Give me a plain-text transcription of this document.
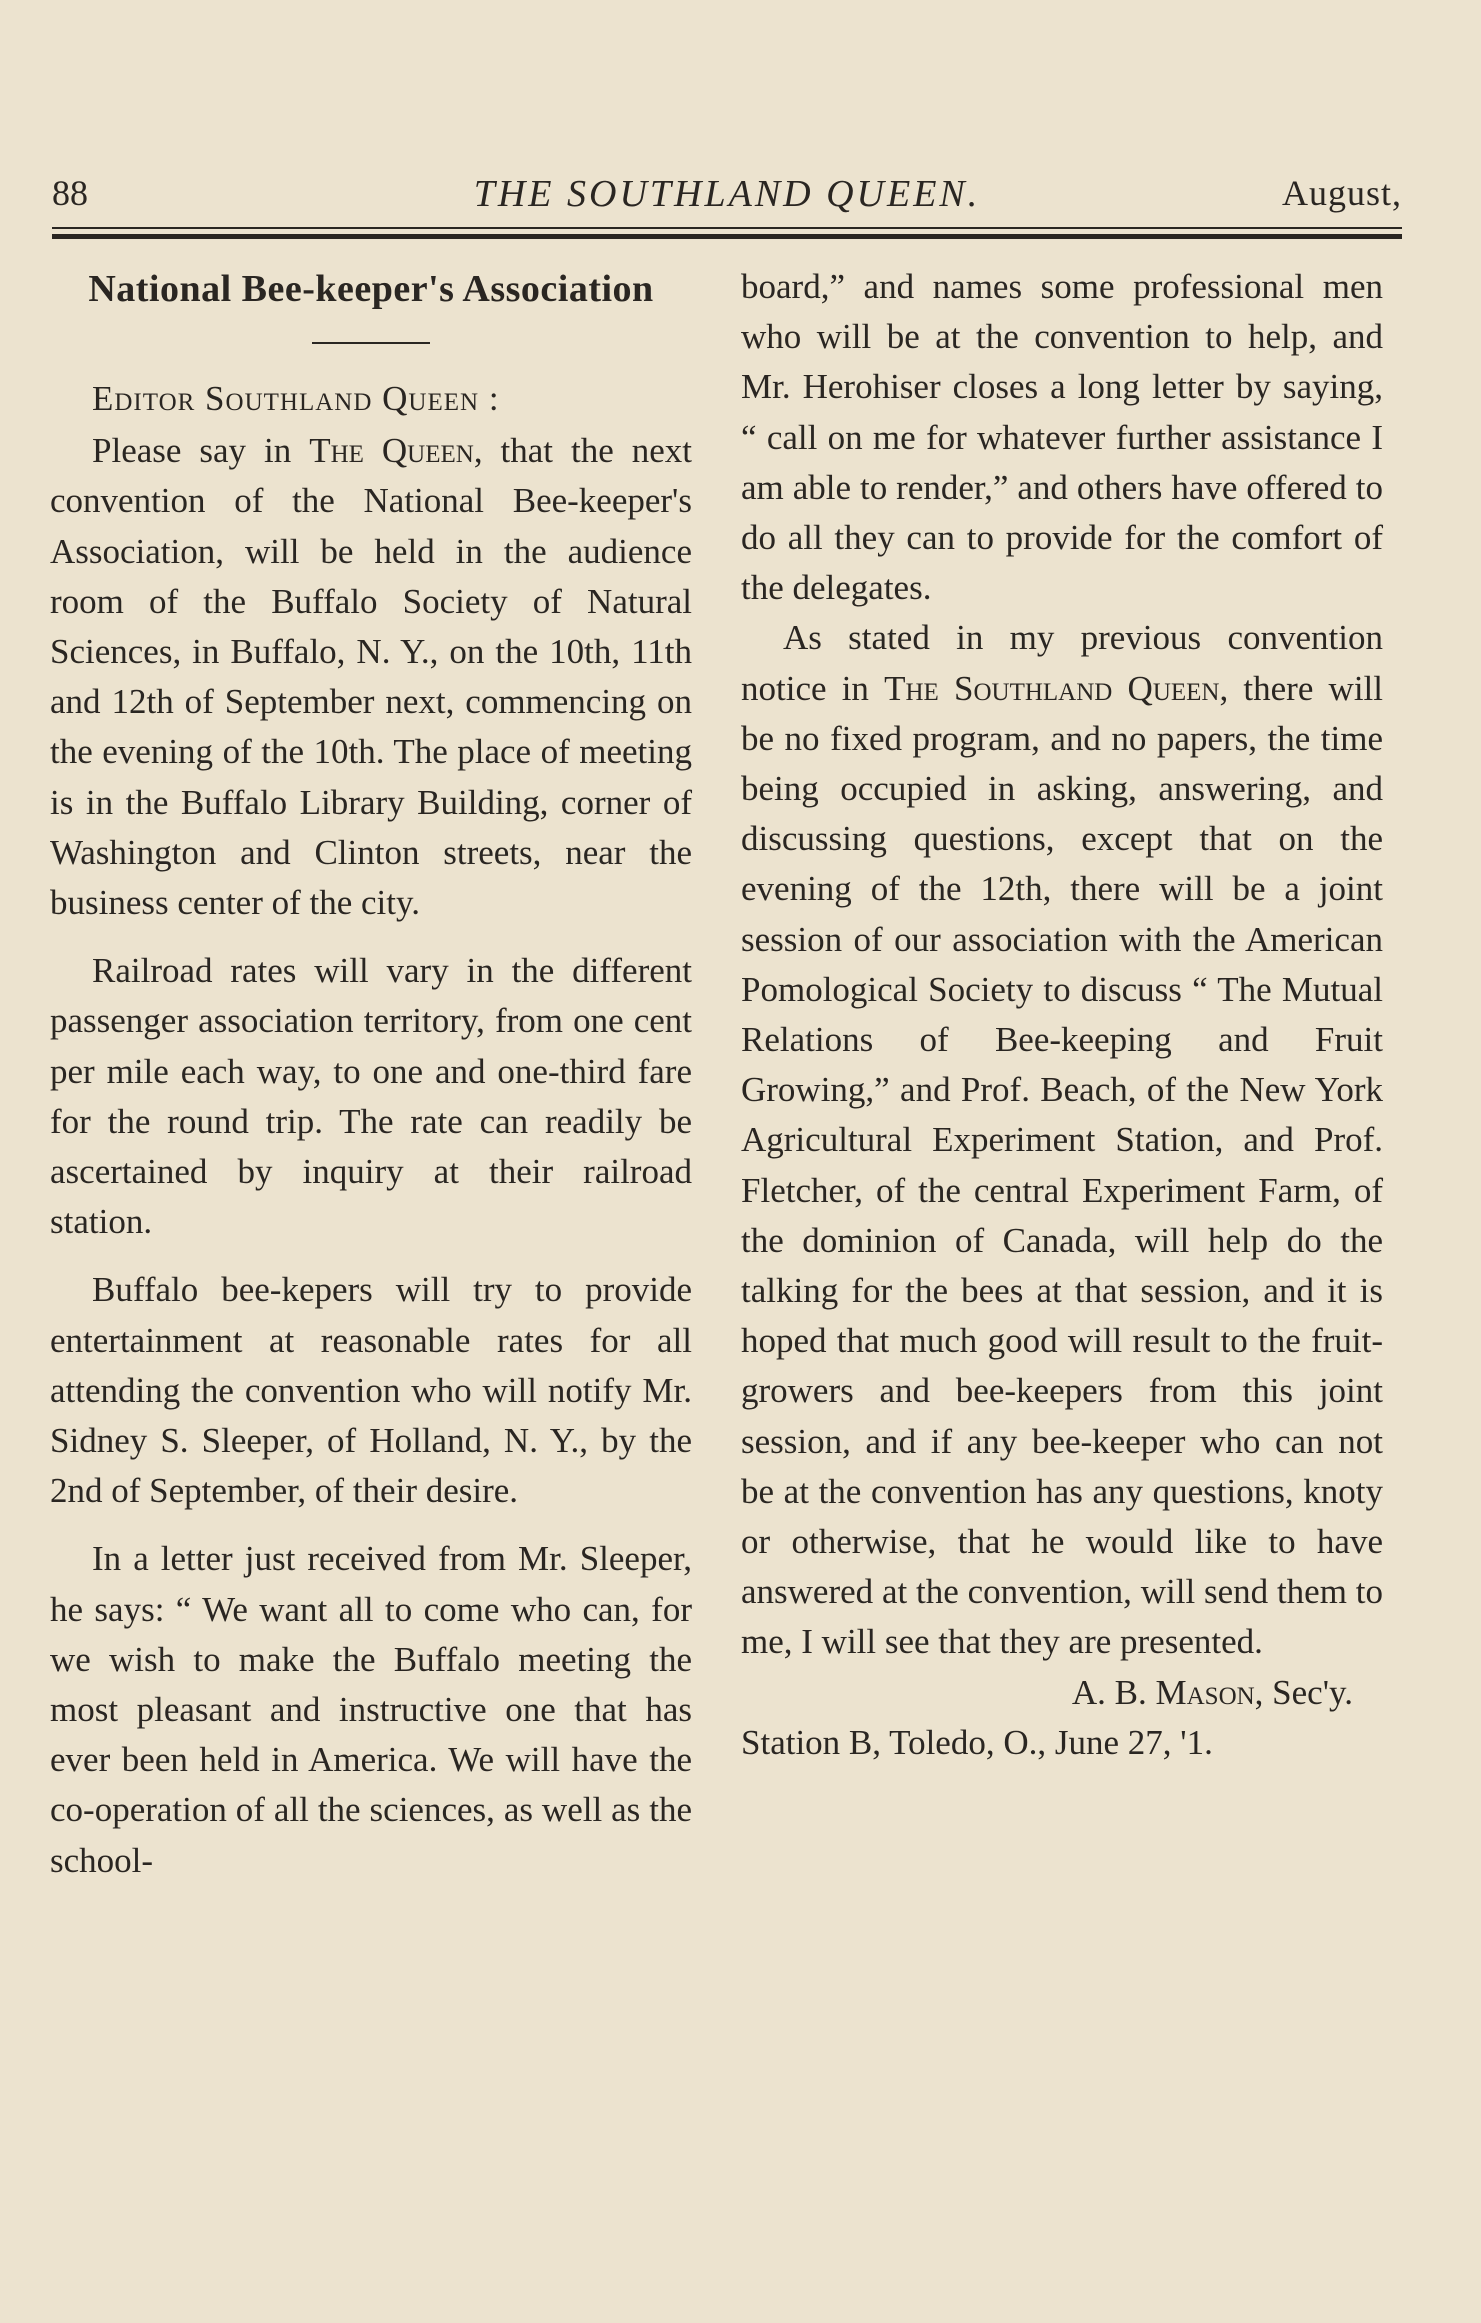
88	THE SOUTHLAND QUEEN.	August,
National Bee-keeper's Association

Editor Southland Queen :

Please say in The Queen, that the next convention of the National Bee-keeper's Association, will be held in the audience room of the Buffalo Society of Natural Sciences, in Buffalo, N. Y., on the 10th, 11th and 12th of September next, commencing on the evening of the 10th. The place of meeting is in the Buffalo Library Building, corner of Washington and Clinton streets, near the business center of the city.

Railroad rates will vary in the different passenger association territory, from one cent per mile each way, to one and one-third fare for the round trip. The rate can readily be ascertained by inquiry at their railroad station.

Buffalo bee-kepers will try to provide entertainment at reasonable rates for all attending the convention who will notify Mr. Sidney S. Sleeper, of Holland, N. Y., by the 2nd of September, of their desire.

In a letter just received from Mr. Sleeper, he says: “ We want all to come who can, for we wish to make the Buffalo meeting the most pleasant and instructive one that has ever been held in America. We will have the co-operation of all the sciences, as well as the school-

board,” and names some professional men who will be at the convention to help, and Mr. Herohiser closes a long letter by saying, “ call on me for whatever further assistance I am able to render,” and others have offered to do all they can to provide for the comfort of the delegates.

As stated in my previous convention notice in The Southland Queen, there will be no fixed program, and no papers, the time being occupied in asking, answering, and discussing questions, except that on the evening of the 12th, there will be a joint session of our association with the American Pomological Society to discuss “ The Mutual Relations of Bee-keeping and Fruit Growing,” and Prof. Beach, of the New York Agricultural Experiment Station, and Prof. Fletcher, of the central Experiment Farm, of the dominion of Canada, will help do the talking for the bees at that session, and it is hoped that much good will result to the fruit-growers and bee-keepers from this joint session, and if any bee-keeper who can not be at the convention has any questions, knoty or otherwise, that he would like to have answered at the convention, will send them to me, I will see that they are presented.

A. B. Mason, Sec'y.

Station B, Toledo, O., June 27, '1.
